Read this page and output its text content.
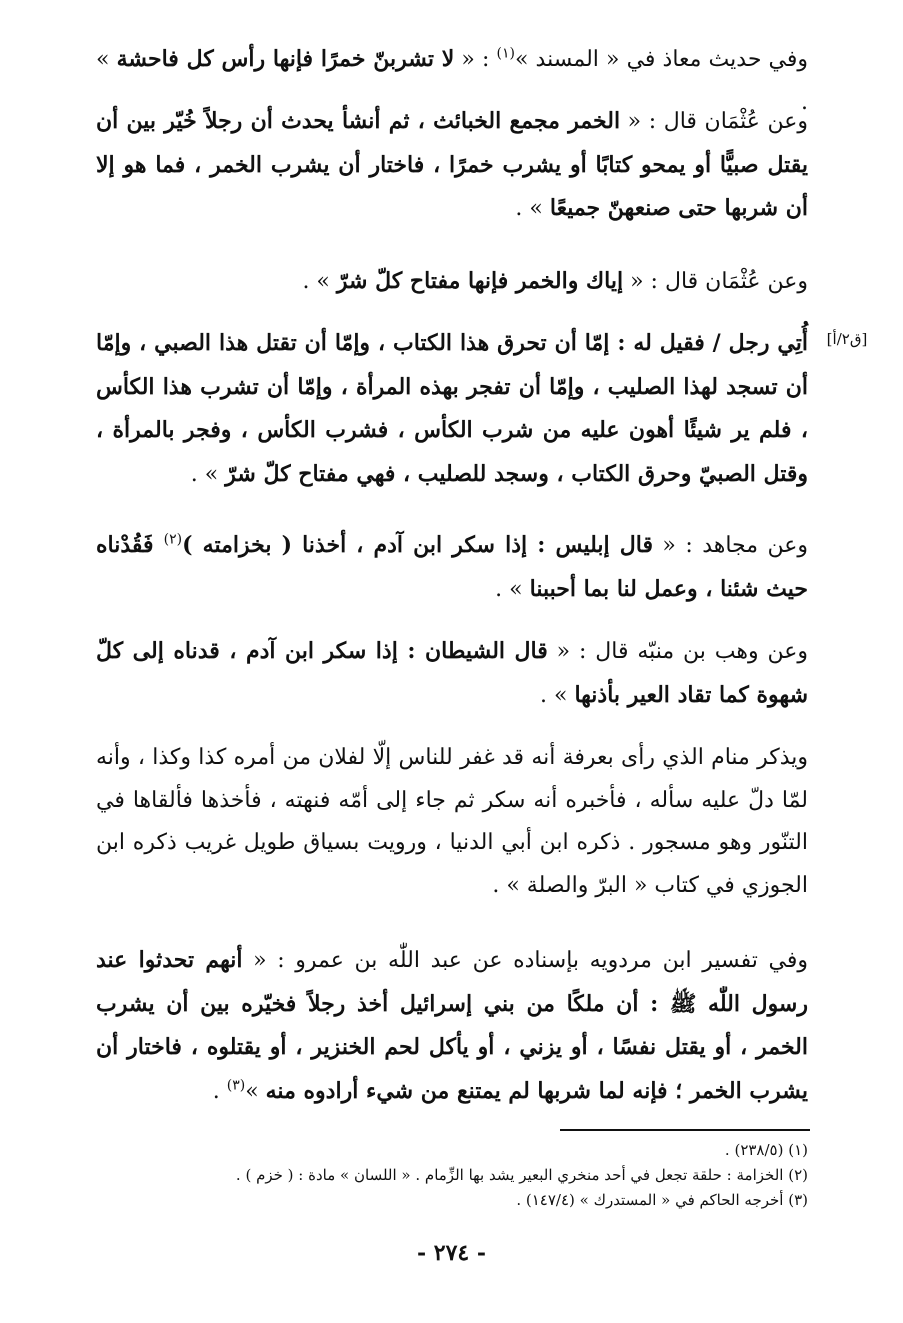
[ق٢/أ]

وفي حديث معاذ في « المسند »$^{(١)}$ : « لا تشربنّ خمرًا فإنها رأس كل فاحشة » .

وعن عُثْمَان قال : « الخمر مجمع الخبائث ، ثم أنشأ يحدث أن رجلاً خُيّر بين أن يقتل صبيًّا أو يمحو كتابًا أو يشرب خمرًا ، فاختار أن يشرب الخمر ، فما هو إلا أن شربها حتى صنعهنّ جميعًا » .

وعن عُثْمَان قال : « إياك والخمر فإنها مفتاح كلّ شرّ » .

أُتِي رجل / فقيل له : إمّا أن تحرق هذا الكتاب ، وإمّا أن تقتل هذا الصبي ، وإمّا أن تسجد لهذا الصليب ، وإمّا أن تفجر بهذه المرأة ، وإمّا أن تشرب هذا الكأس ، فلم ير شيئًا أهون عليه من شرب الكأس ، فشرب الكأس ، وفجر بالمرأة ، وقتل الصبيّ وحرق الكتاب ، وسجد للصليب ، فهي مفتاح كلّ شرّ » .

وعن مجاهد : « قال إبليس : إذا سكر ابن آدم ، أخذنا ( بخزامته )$^{(٢)}$ فَقُدْناه حيث شئنا ، وعمل لنا بما أحببنا » .

وعن وهب بن منبّه قال : « قال الشيطان : إذا سكر ابن آدم ، قدناه إلى كلّ شهوة كما تقاد العير بأذنها » .

ويذكر منام الذي رأى بعرفة أنه قد غفر للناس إلّا لفلان من أمره كذا وكذا ، وأنه لمّا دلّ عليه سأله ، فأخبره أنه سكر ثم جاء إلى أمّه فنهته ، فأخذها فألقاها في التنّور وهو مسجور . ذكره ابن أبي الدنيا ، ورويت بسياق طويل غريب ذكره ابن الجوزي في كتاب « البرّ والصلة » .

وفي تفسير ابن مردويه بإسناده عن عبد اللّٰه بن عمرو : « أنهم تحدثوا عند رسول اللّٰه ﷺ : أن ملكًا من بني إسرائيل أخذ رجلاً فخيّره بين أن يشرب الخمر ، أو يقتل نفسًا ، أو يزني ، أو يأكل لحم الخنزير ، أو يقتلوه ، فاختار أن يشرب الخمر ؛ فإنه لما شربها لم يمتنع من شيء أرادوه منه »$^{(٣)}$ .

(١) (٢٣٨/٥) .
(٢) الخزامة : حلقة تجعل في أحد منخري البعير يشد بها الزِّمام . « اللسان » مادة : ( خزم ) .
(٣) أخرجه الحاكم في « المستدرك » (١٤٧/٤) .
- ٢٧٤ -
